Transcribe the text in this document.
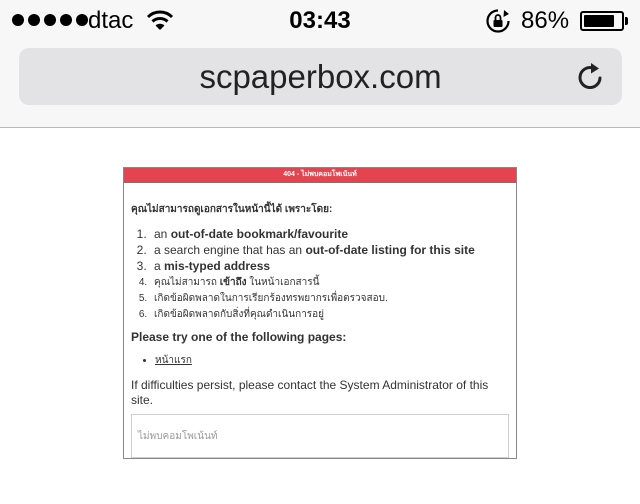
dtac	03:43	86%
scpaperbox.com
404 - ไม่พบคอมโพเน้นท์

คุณไม่สามารถดูเอกสารในหน้านี้ได้ เพราะโดย:

1. an out-of-date bookmark/favourite
2. a search engine that has an out-of-date listing for this site
3. a mis-typed address
4. คุณไม่สามารถ เข้าถึง ในหน้าเอกสารนี้
5. เกิดข้อผิดพลาดในการเรียกร้องทรพยากรเพื่อตรวจสอบ.
6. เกิดข้อผิดพลาดกับสิ่งที่คุณดำเนินการอยู่

Please try one of the following pages:

• หน้าแรก

If difficulties persist, please contact the System Administrator of this site.

ไม่พบคอมโพเน้นท์
